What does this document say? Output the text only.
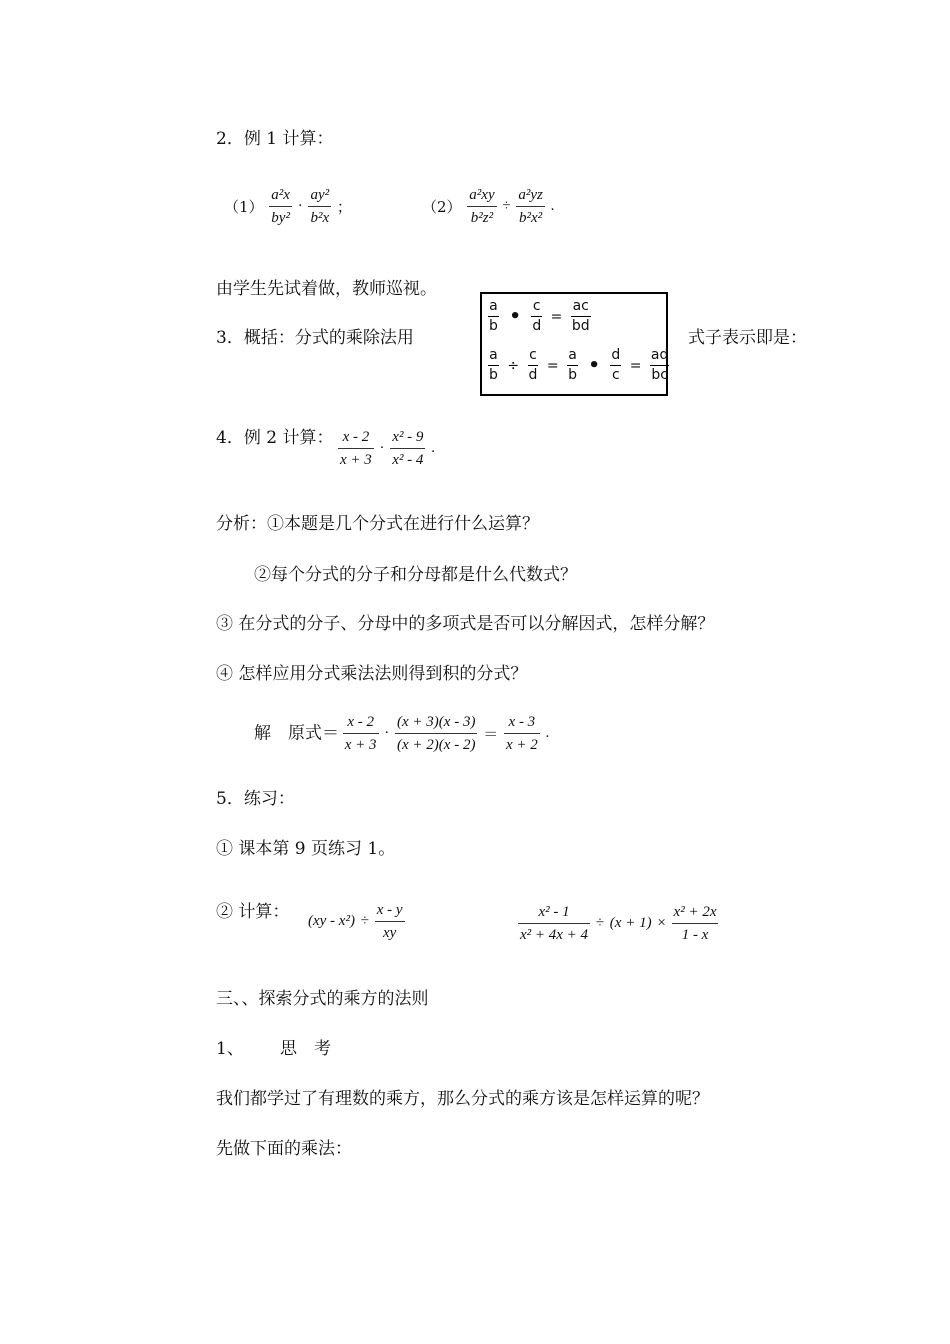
2．例 1 计算：
$(1) \frac{\text{a²x}}{\text{by²}} \cdot \frac{\text{ay²}}{\text{b²x}}$ ；	$(2) \frac{\text{a²xy}}{\text{b²z²}} \div \frac{\text{a²yz}}{\text{b²x²}}$ .
由学生先试着做，教师巡视。
3．概括：分式的乘除法用
$\frac{a}{b}$ • $\frac{c}{d} = \frac{ac}{bd}$
$\frac{a}{b} \div \frac{c}{d} = \frac{a}{b}$ • $\frac{d}{c} = \frac{ad}{bc}$
式子表示即是：
4．例 2 计算： $\frac{x - 2}{x + 3} \cdot \frac{\text{x² - 9}}{\text{x² - 4}}$ .
分析：①本题是几个分式在进行什么运算？
②每个分式的分子和分母都是什么代数式？
③ 在分式的分子、分母中的多项式是否可以分解因式，怎样分解？
④ 怎样应用分式乘法法则得到积的分式？
解　原式＝ $\frac{x - 2}{x + 3} \cdot \frac{(x + 3)(x - 3)}{(x + 2)(x - 2)} = \frac{x - 3}{x + 2}$ .
5．练习：
① 课本第 9 页练习 1。
② 计算： $(xy - x^2) \div \frac{x - y}{xy}$	$\frac{\text{x² - 1}}{\text{x² + 4x + 4}} \div (x + 1) \times \frac{\text{x² + 2x}}{1 - x}$
三、、探索分式的乘方的法则
1、 思　考
我们都学过了有理数的乘方，那么分式的乘方该是怎样运算的呢？
先做下面的乘法：
